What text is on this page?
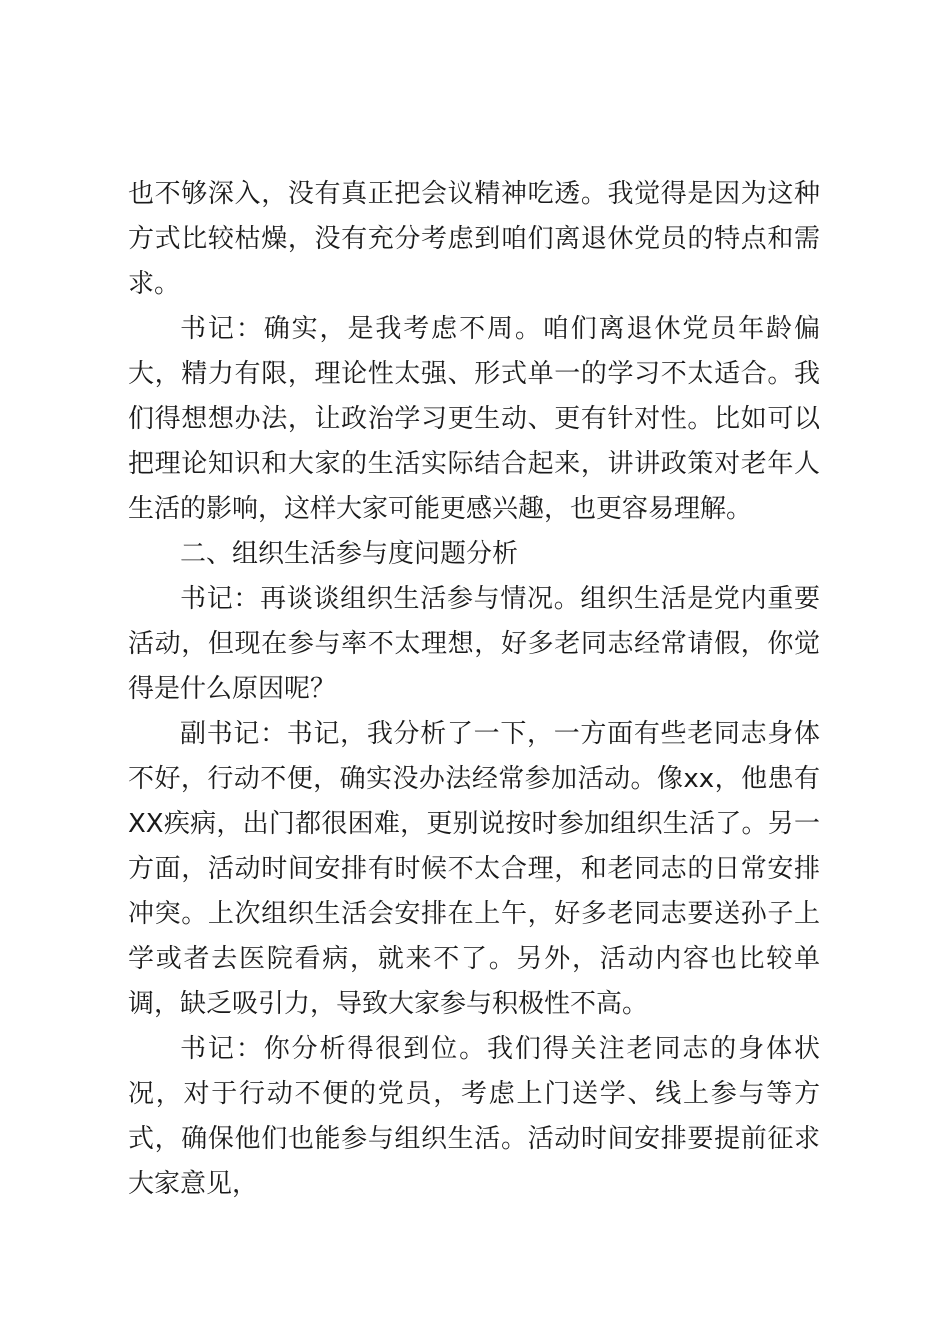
也不够深入，没有真正把会议精神吃透。我觉得是因为这种方式比较枯燥，没有充分考虑到咱们离退休党员的特点和需求。

书记：确实，是我考虑不周。咱们离退休党员年龄偏大，精力有限，理论性太强、形式单一的学习不太适合。我们得想想办法，让政治学习更生动、更有针对性。比如可以把理论知识和大家的生活实际结合起来，讲讲政策对老年人生活的影响，这样大家可能更感兴趣，也更容易理解。

二、组织生活参与度问题分析

书记：再谈谈组织生活参与情况。组织生活是党内重要活动，但现在参与率不太理想，好多老同志经常请假，你觉得是什么原因呢？

副书记：书记，我分析了一下，一方面有些老同志身体不好，行动不便，确实没办法经常参加活动。像xx，他患有XX疾病，出门都很困难，更别说按时参加组织生活了。另一方面，活动时间安排有时候不太合理，和老同志的日常安排冲突。上次组织生活会安排在上午，好多老同志要送孙子上学或者去医院看病，就来不了。另外，活动内容也比较单调，缺乏吸引力，导致大家参与积极性不高。

书记：你分析得很到位。我们得关注老同志的身体状况，对于行动不便的党员，考虑上门送学、线上参与等方式，确保他们也能参与组织生活。活动时间安排要提前征求大家意见，
